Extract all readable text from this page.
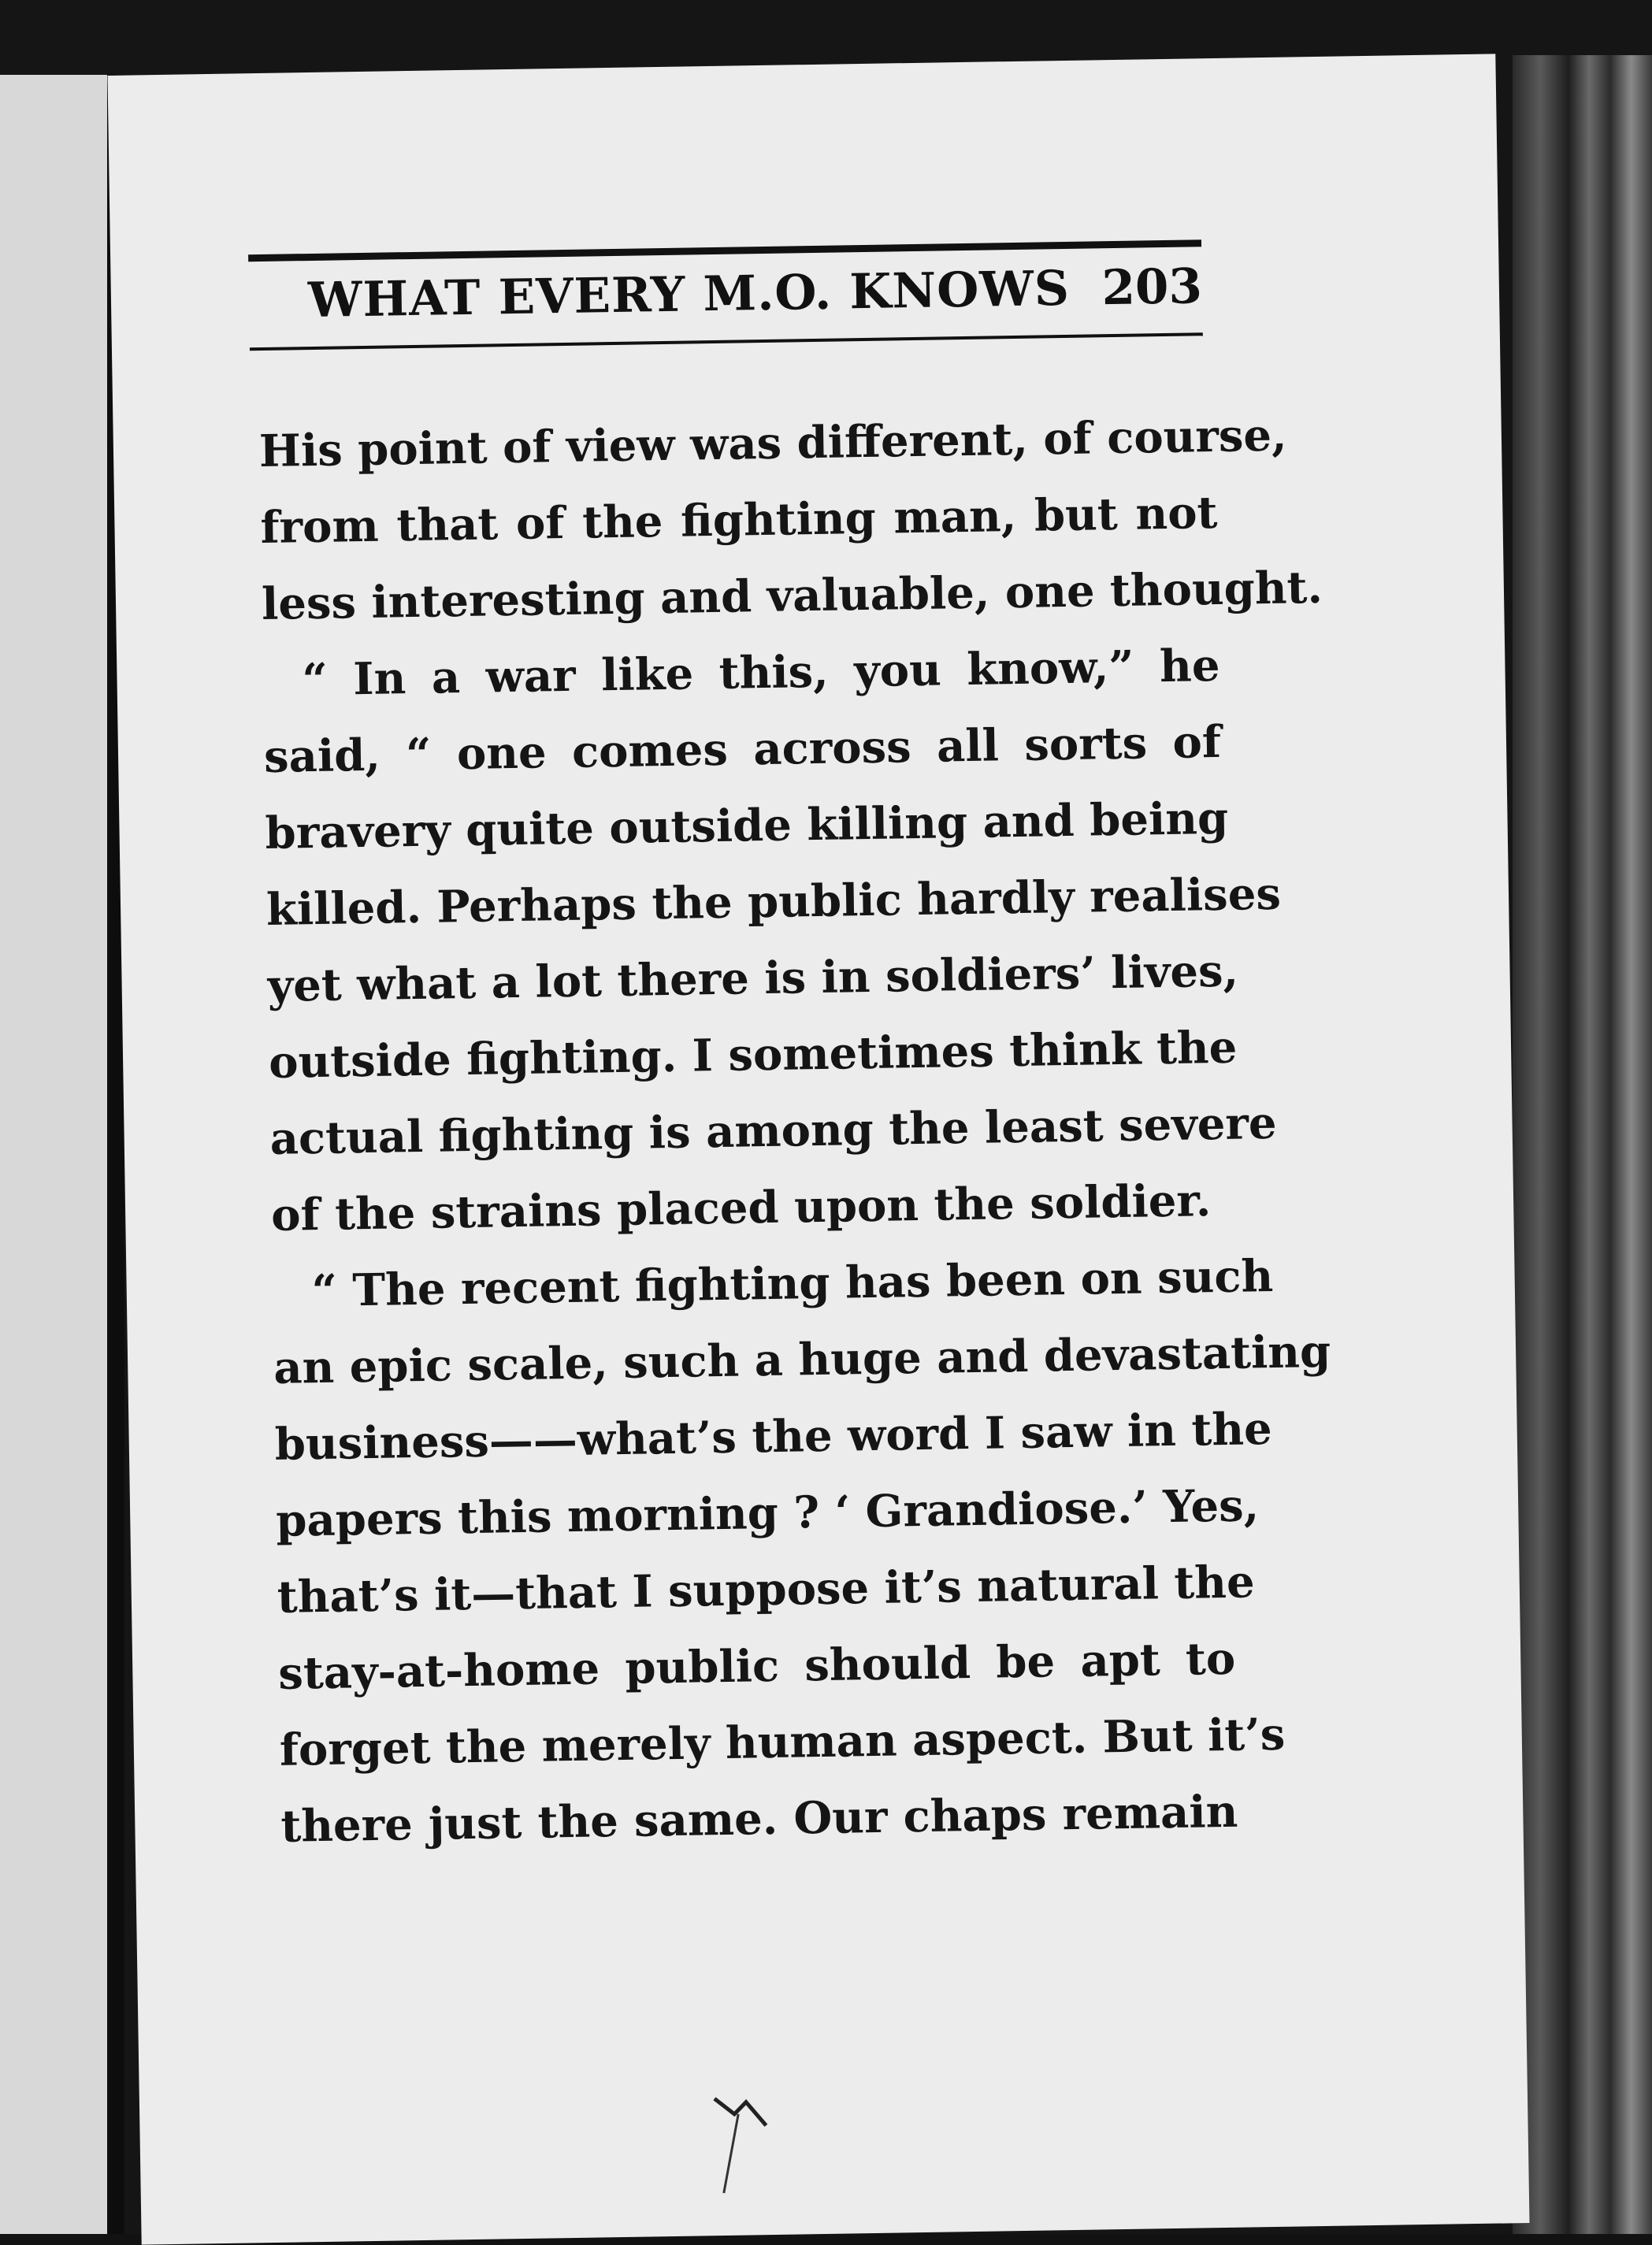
WHAT EVERY M.O. KNOWS 203
His point of view was different, of course,
from that of the fighting man, but not
less interesting and valuable, one thought.
“ In a war like this, you know,” he
said, “ one comes across all sorts of
bravery quite outside killing and being
killed. Perhaps the public hardly realises
yet what a lot there is in soldiers’ lives,
outside fighting. I sometimes think the
actual fighting is among the least severe
of the strains placed upon the soldier.
“ The recent fighting has been on such
an epic scale, such a huge and devastating
business——what’s the word I saw in the
papers this morning ? ‘ Grandiose.’ Yes,
that’s it—that I suppose it’s natural the
stay-at-home public should be apt to
forget the merely human aspect. But it’s
there just the same. Our chaps remain
